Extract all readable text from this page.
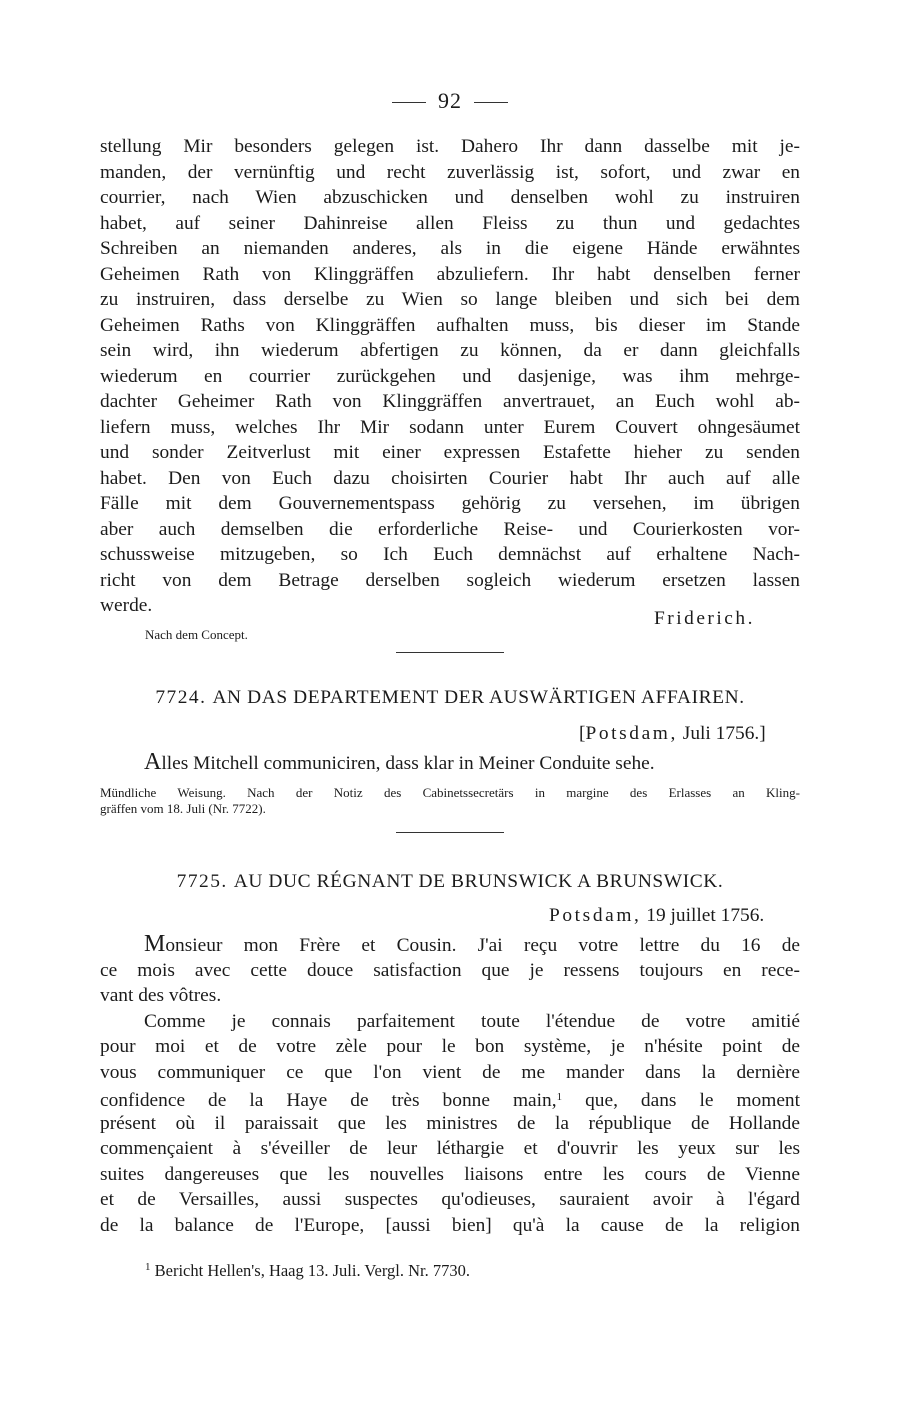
92
stellung Mir besonders gelegen ist. Dahero Ihr dann dasselbe mit je-
manden, der vernünftig und recht zuverlässig ist, sofort, und zwar en
courrier, nach Wien abzuschicken und denselben wohl zu instruiren
habet, auf seiner Dahinreise allen Fleiss zu thun und gedachtes
Schreiben an niemanden anderes, als in die eigene Hände erwähntes
Geheimen Rath von Klinggräffen abzuliefern. Ihr habt denselben ferner
zu instruiren, dass derselbe zu Wien so lange bleiben und sich bei dem
Geheimen Raths von Klinggräffen aufhalten muss, bis dieser im Stande
sein wird, ihn wiederum abfertigen zu können, da er dann gleichfalls
wiederum en courrier zurückgehen und dasjenige, was ihm mehrge-
dachter Geheimer Rath von Klinggräffen anvertrauet, an Euch wohl ab-
liefern muss, welches Ihr Mir sodann unter Eurem Couvert ohngesäumet
und sonder Zeitverlust mit einer expressen Estafette hieher zu senden
habet. Den von Euch dazu choisirten Courier habt Ihr auch auf alle
Fälle mit dem Gouvernementspass gehörig zu versehen, im übrigen
aber auch demselben die erforderliche Reise- und Courierkosten vor-
schussweise mitzugeben, so Ich Euch demnächst auf erhaltene Nach-
richt von dem Betrage derselben sogleich wiederum ersetzen lassen
werde.
Friderich.
Nach dem Concept.
7724. AN DAS DEPARTEMENT DER AUSWÄRTIGEN AFFAIREN.
[Potsdam, Juli 1756.]
Alles Mitchell communiciren, dass klar in Meiner Conduite sehe.
Mündliche Weisung. Nach der Notiz des Cabinetssecretärs in margine des Erlasses an Kling-
gräffen vom 18. Juli (Nr. 7722).
7725. AU DUC RÉGNANT DE BRUNSWICK A BRUNSWICK.
Potsdam, 19 juillet 1756.
Monsieur mon Frère et Cousin. J'ai reçu votre lettre du 16 de
ce mois avec cette douce satisfaction que je ressens toujours en rece-
vant des vôtres.
Comme je connais parfaitement toute l'étendue de votre amitié
pour moi et de votre zèle pour le bon système, je n'hésite point de
vous communiquer ce que l'on vient de me mander dans la dernière
confidence de la Haye de très bonne main,$^1$ que, dans le moment
présent où il paraissait que les ministres de la république de Hollande
commençaient à s'éveiller de leur léthargie et d'ouvrir les yeux sur les
suites dangereuses que les nouvelles liaisons entre les cours de Vienne
et de Versailles, aussi suspectes qu'odieuses, sauraient avoir à l'égard
de la balance de l'Europe, [aussi bien] qu'à la cause de la religion
$^1$ Bericht Hellen's, Haag 13. Juli. Vergl. Nr. 7730.
